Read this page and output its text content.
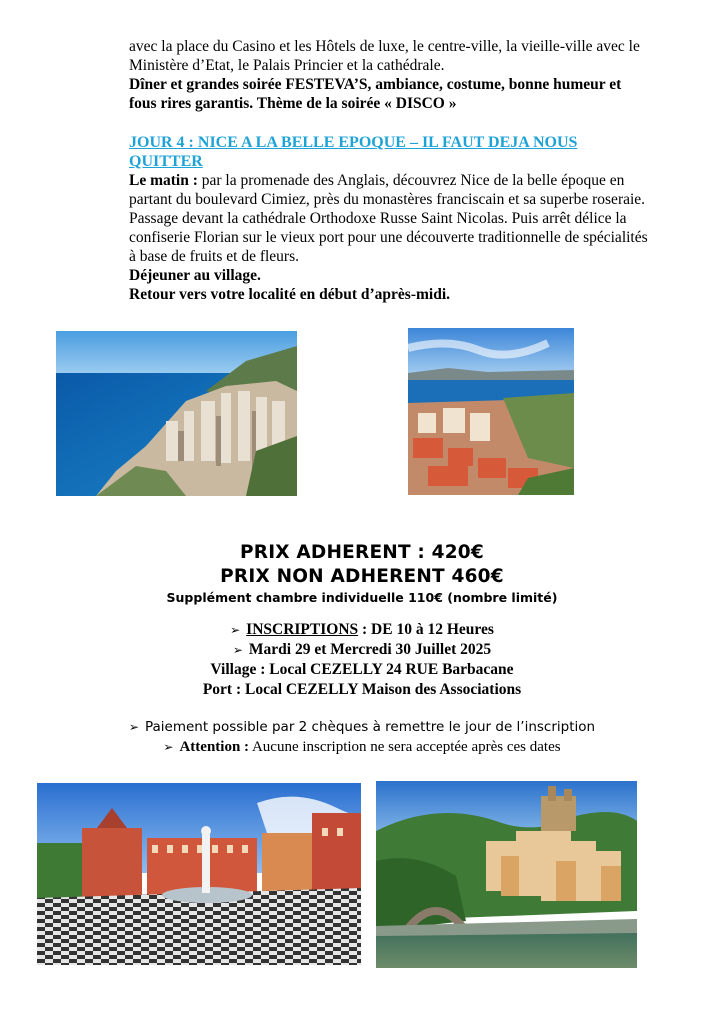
avec la place du Casino et les Hôtels de luxe, le centre-ville, la vieille-ville avec le Ministère d’Etat, le Palais Princier et la cathédrale.
Dîner et grandes soirée FESTEVA’S, ambiance, costume, bonne humeur et fous rires garantis. Thème de la soirée « DISCO »
JOUR 4 : NICE A LA BELLE EPOQUE – IL FAUT DEJA NOUS QUITTER
Le matin : par la promenade des Anglais, découvrez Nice de la belle époque en partant du boulevard Cimiez, près du monastères franciscain et sa superbe roseraie. Passage devant la cathédrale Orthodoxe Russe Saint Nicolas. Puis arrêt délice la confiserie Florian sur le vieux port pour une découverte traditionnelle de spécialités à base de fruits et de fleurs.
Déjeuner au village.
Retour vers votre localité en début d’après-midi.
PRIX ADHERENT : 420€
PRIX NON ADHERENT 460€
Supplément chambre individuelle 110€ (nombre limité)
➢ INSCRIPTIONS : DE 10 à 12 Heures
➢ Mardi 29 et Mercredi 30 Juillet 2025
Village : Local CEZELLY 24 RUE Barbacane
Port : Local CEZELLY Maison des Associations
➢ Paiement possible par 2 chèques à remettre le jour de l’inscription
➢ Attention : Aucune inscription ne sera acceptée après ces dates
